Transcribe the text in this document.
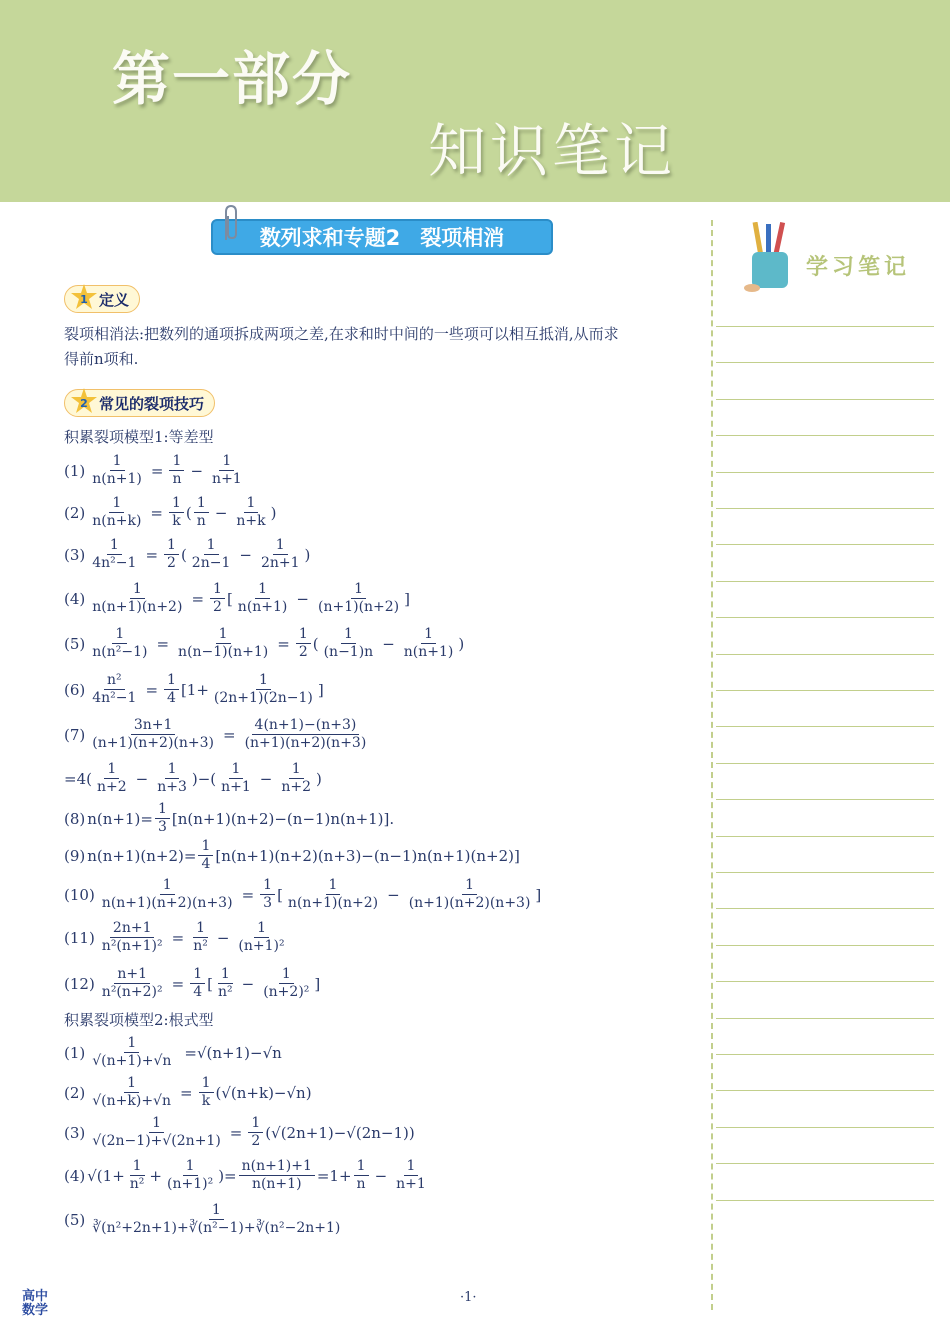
第一部分
知识笔记
数列求和专题2 裂项相消
1 定义
裂项相消法:把数列的通项拆成两项之差,在求和时中间的一些项可以相互抵消,从而求
得前n项和.
2 常见的裂项技巧
积累裂项模型1:等差型
$(1) \frac{1}{n(n+1)} = \frac{1}{n} - \frac{1}{n+1}$
$(2) \frac{1}{n(n+k)} = \frac{1}{k}$ ( $\frac{1}{n} - \frac{1}{n+k}$ )
$(3) \frac{1}{\text{4n²−1}} = \frac{1}{2}$ ( $\frac{1}{2n-1} - \frac{1}{2n+1}$ )
$(4) \frac{1}{n(n+1)(n+2)} = \frac{1}{2}$ [ $\frac{1}{n(n+1)} - \frac{1}{(n+1)(n+2)}$ ]
$(5) \frac{1}{\text{n(n²−1)}} = \frac{1}{n(n-1)(n+1)} = \frac{1}{2}$ ( $\frac{1}{(n-1)n} - \frac{1}{n(n+1)}$ )
$(6) \frac{\text{n²}}{\text{4n²−1}} = \frac{1}{4}$ [ $1+ \frac{1}{(2n+1)(2n-1)}$ ]
$(7) \frac{3n+1}{(n+1)(n+2)(n+3)} = \frac{4(n+1)-(n+3)}{(n+1)(n+2)(n+3)}$
$=4( \frac{1}{n+2} - \frac{1}{n+3}$ )−( $\frac{1}{n+1} - \frac{1}{n+2}$ )
(8) $n(n+1)= \frac{1}{3} [n(n+1)(n+2)-(n-1)n(n+1)]$.
(9) $n(n+1)(n+2)= \frac{1}{4} [n(n+1)(n+2)(n+3)-(n-1)n(n+1)(n+2)]$
$(10) \frac{1}{n(n+1)(n+2)(n+3)} = \frac{1}{3}$ [ $\frac{1}{n(n+1)(n+2)} - \frac{1}{(n+1)(n+2)(n+3)}$ ]
$(11) \frac{2n+1}{\text{n²(n+1)²}} = \frac{1}{\text{n²}} - \frac{1}{\text{(n+1)²}}$
$(12) \frac{n+1}{\text{n²(n+2)²}} = \frac{1}{4}$ [ $\frac{1}{\text{n²}} - \frac{1}{\text{(n+2)²}}$ ]
积累裂项模型2:根式型
$(1) \frac{1}{√(n+1)+√n} =√(n+1)-√n$
$(2) \frac{1}{√(n+k)+√n} = \frac{1}{k} (√(n+k)-√n)$
$(3) \frac{1}{√(2n-1)+√(2n+1)} = \frac{1}{2} (√(2n+1)-√(2n-1))$
(4) $√(1+ \frac{1}{\text{n²}} + \frac{1}{\text{(n+1)²}}$ )= $\frac{n(n+1)+1}{n(n+1)} =1+ \frac{1}{n} - \frac{1}{n+1}$
$(5) \frac{1}{\text{∛(n²+2n+1)+∛(n²−1)+∛(n²−2n+1)}}$
学习笔记
·1·
高中
数学
